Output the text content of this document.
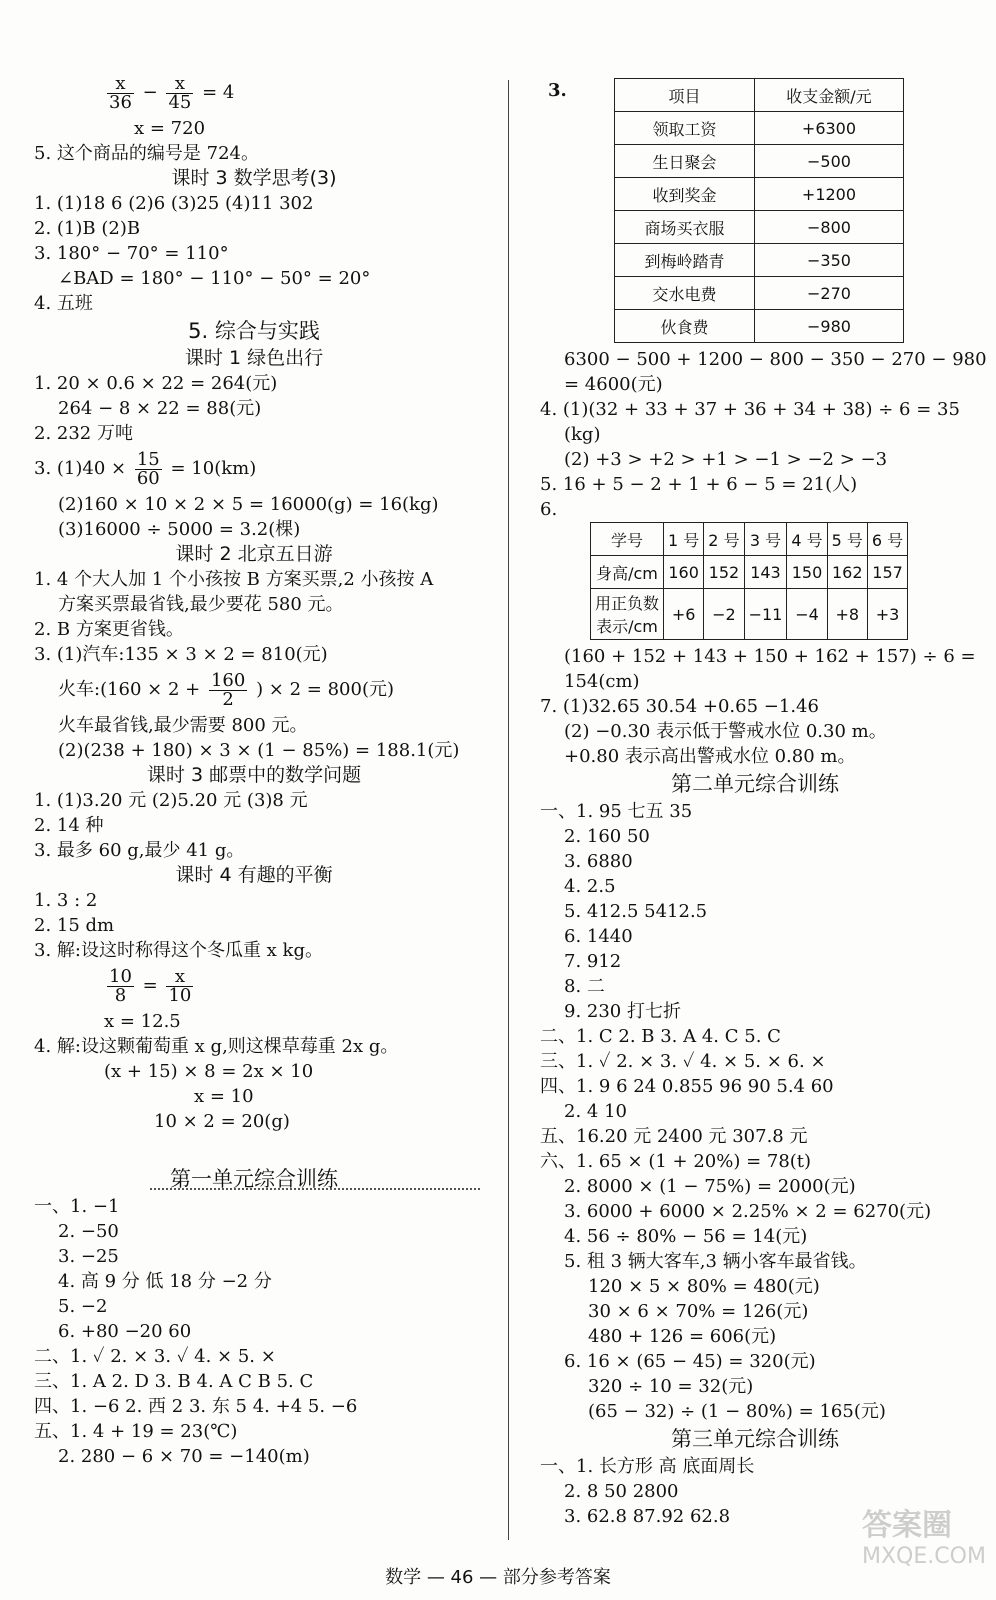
$\frac{x}{36} - \frac{x}{45} = 4$
x = 720
5. 这个商品的编号是 724。
课时 3 数学思考(3)
1. (1)18 6 (2)6 (3)25 (4)11 302
2. (1)B (2)B
3. 180° − 70° = 110°
∠BAD = 180° − 110° − 50° = 20°
4. 五班
5. 综合与实践
课时 1 绿色出行
1. 20 × 0.6 × 22 = 264(元)
264 − 8 × 22 = 88(元)
2. 232 万吨
3. $(1)40 \times \frac{15}{60} = 10(km)$
(2)160 × 10 × 2 × 5 = 16000(g) = 16(kg)
(3)16000 ÷ 5000 = 3.2(棵)
课时 2 北京五日游
1. 4 个大人加 1 个小孩按 B 方案买票,2 小孩按 A
方案买票最省钱,最少要花 580 元。
2. B 方案更省钱。
3. (1)汽车:135 × 3 × 2 = 810(元)
火车:(160 × $2 + \frac{160}{2}$ ) × 2 = 800(元)
火车最省钱,最少需要 800 元。
(2)(238 + 180) × 3 × (1 − 85%) = 188.1(元)
课时 3 邮票中的数学问题
1. (1)3.20 元 (2)5.20 元 (3)8 元
2. 14 种
3. 最多 60 g,最少 41 g。
课时 4 有趣的平衡
1. 3 : 2
2. 15 dm
3. 解:设这时称得这个冬瓜重 x kg。
$\frac{10}{8} = \frac{x}{10}$
x = 12.5
4. 解:设这颗葡萄重 x g,则这棵草莓重 2x g。
(x + 15) × 8 = 2x × 10
x = 10
10 × 2 = 20(g)
第一单元综合训练
一、1. −1
2. −50
3. −25
4. 高 9 分 低 18 分 −2 分
5. −2
6. +80 −20 60
二、1. ✓ 2. × 3. ✓ 4. × 5. ×
三、1. A 2. D 3. B 4. A C B 5. C
四、1. −6 2. 西 2 3. 东 5 4. +4 5. −6
五、1. 4 + 19 = 23(℃)
2. 280 − 6 × 70 = −140(m)
3.	项目	收支金额/元
领取工资	+6300
生日聚会	−500
收到奖金	+1200
商场买衣服	−800
到梅岭踏青	−350
交水电费	−270
伙食费	−980
6300 − 500 + 1200 − 800 − 350 − 270 − 980
= 4600(元)
4. (1)(32 + 33 + 37 + 36 + 34 + 38) ÷ 6 = 35
(kg)
(2) +3 > +2 > +1 > −1 > −2 > −3
5. 16 + 5 − 2 + 1 + 6 − 5 = 21(人)
6.
学号	1 号	2 号	3 号	4 号	5 号	6 号
身高/cm	160	152	143	150	162	157
用正负数
表示/cm	+6	−2	−11	−4	+8	+3
(160 + 152 + 143 + 150 + 162 + 157) ÷ 6 =
154(cm)
7. (1)32.65 30.54 +0.65 −1.46
(2) −0.30 表示低于警戒水位 0.30 m。
+0.80 表示高出警戒水位 0.80 m。
第二单元综合训练
一、1. 95 七五 35
2. 160 50
3. 6880
4. 2.5
5. 412.5 5412.5
6. 1440
7. 912
8. 二
9. 230 打七折
二、1. C 2. B 3. A 4. C 5. C
三、1. ✓ 2. × 3. ✓ 4. × 5. × 6. ×
四、1. 9 6 24 0.855 96 90 5.4 60
2. 4 10
五、16.20 元 2400 元 307.8 元
六、1. 65 × (1 + 20%) = 78(t)
2. 8000 × (1 − 75%) = 2000(元)
3. 6000 + 6000 × 2.25% × 2 = 6270(元)
4. 56 ÷ 80% − 56 = 14(元)
5. 租 3 辆大客车,3 辆小客车最省钱。
120 × 5 × 80% = 480(元)
30 × 6 × 70% = 126(元)
480 + 126 = 606(元)
6. 16 × (65 − 45) = 320(元)
320 ÷ 10 = 32(元)
(65 − 32) ÷ (1 − 80%) = 165(元)
第三单元综合训练
一、1. 长方形 高 底面周长
2. 8 50 2800
3. 62.8 87.92 62.8
数学 — 46 — 部分参考答案
答案圈
MXQE.COM
